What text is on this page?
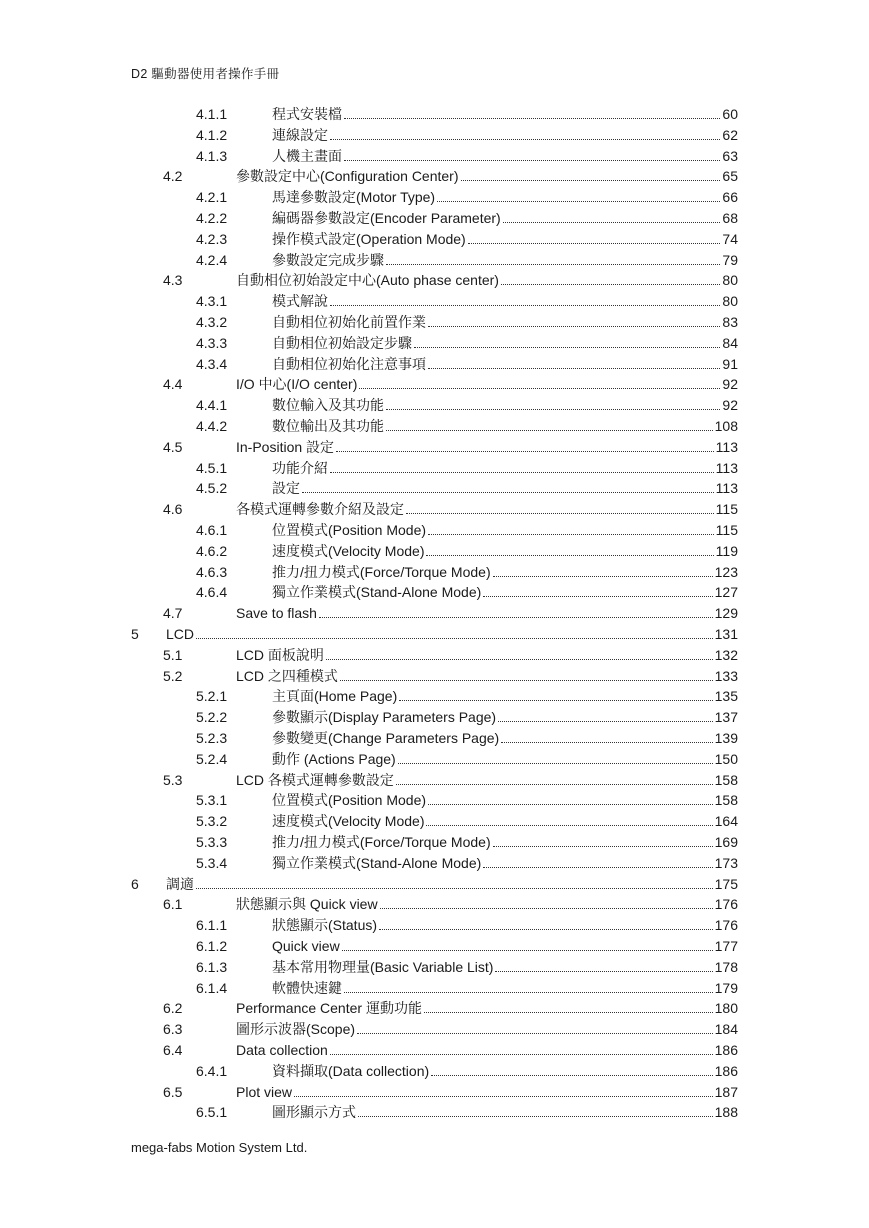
D2 驅動器使用者操作手冊
4.1.1	程式安裝檔	60
4.1.2	連線設定	62
4.1.3	人機主畫面	63
4.2	參數設定中心(Configuration Center)	65
4.2.1	馬達參數設定(Motor Type)	66
4.2.2	編碼器參數設定(Encoder Parameter)	68
4.2.3	操作模式設定(Operation Mode)	74
4.2.4	參數設定完成步驟	79
4.3	自動相位初始設定中心(Auto phase center)	80
4.3.1	模式解說	80
4.3.2	自動相位初始化前置作業	83
4.3.3	自動相位初始設定步驟	84
4.3.4	自動相位初始化注意事項	91
4.4	I/O 中心(I/O center)	92
4.4.1	數位輸入及其功能	92
4.4.2	數位輸出及其功能	108
4.5	In-Position 設定	113
4.5.1	功能介紹	113
4.5.2	設定	113
4.6	各模式運轉參數介紹及設定	115
4.6.1	位置模式(Position Mode)	115
4.6.2	速度模式(Velocity Mode)	119
4.6.3	推力/扭力模式(Force/Torque Mode)	123
4.6.4	獨立作業模式(Stand-Alone Mode)	127
4.7	Save to flash	129
5	LCD	131
5.1	LCD 面板說明	132
5.2	LCD 之四種模式	133
5.2.1	主頁面(Home Page)	135
5.2.2	參數顯示(Display Parameters Page)	137
5.2.3	參數變更(Change Parameters Page)	139
5.2.4	動作 (Actions Page)	150
5.3	LCD 各模式運轉參數設定	158
5.3.1	位置模式(Position Mode)	158
5.3.2	速度模式(Velocity Mode)	164
5.3.3	推力/扭力模式(Force/Torque Mode)	169
5.3.4	獨立作業模式(Stand-Alone Mode)	173
6	調適	175
6.1	狀態顯示與 Quick view	176
6.1.1	狀態顯示(Status)	176
6.1.2	Quick view	177
6.1.3	基本常用物理量(Basic Variable List)	178
6.1.4	軟體快速鍵	179
6.2	Performance Center 運動功能	180
6.3	圖形示波器(Scope)	184
6.4	Data collection	186
6.4.1	資料擷取(Data collection)	186
6.5	Plot view	187
6.5.1	圖形顯示方式	188
mega-fabs Motion System Ltd.
